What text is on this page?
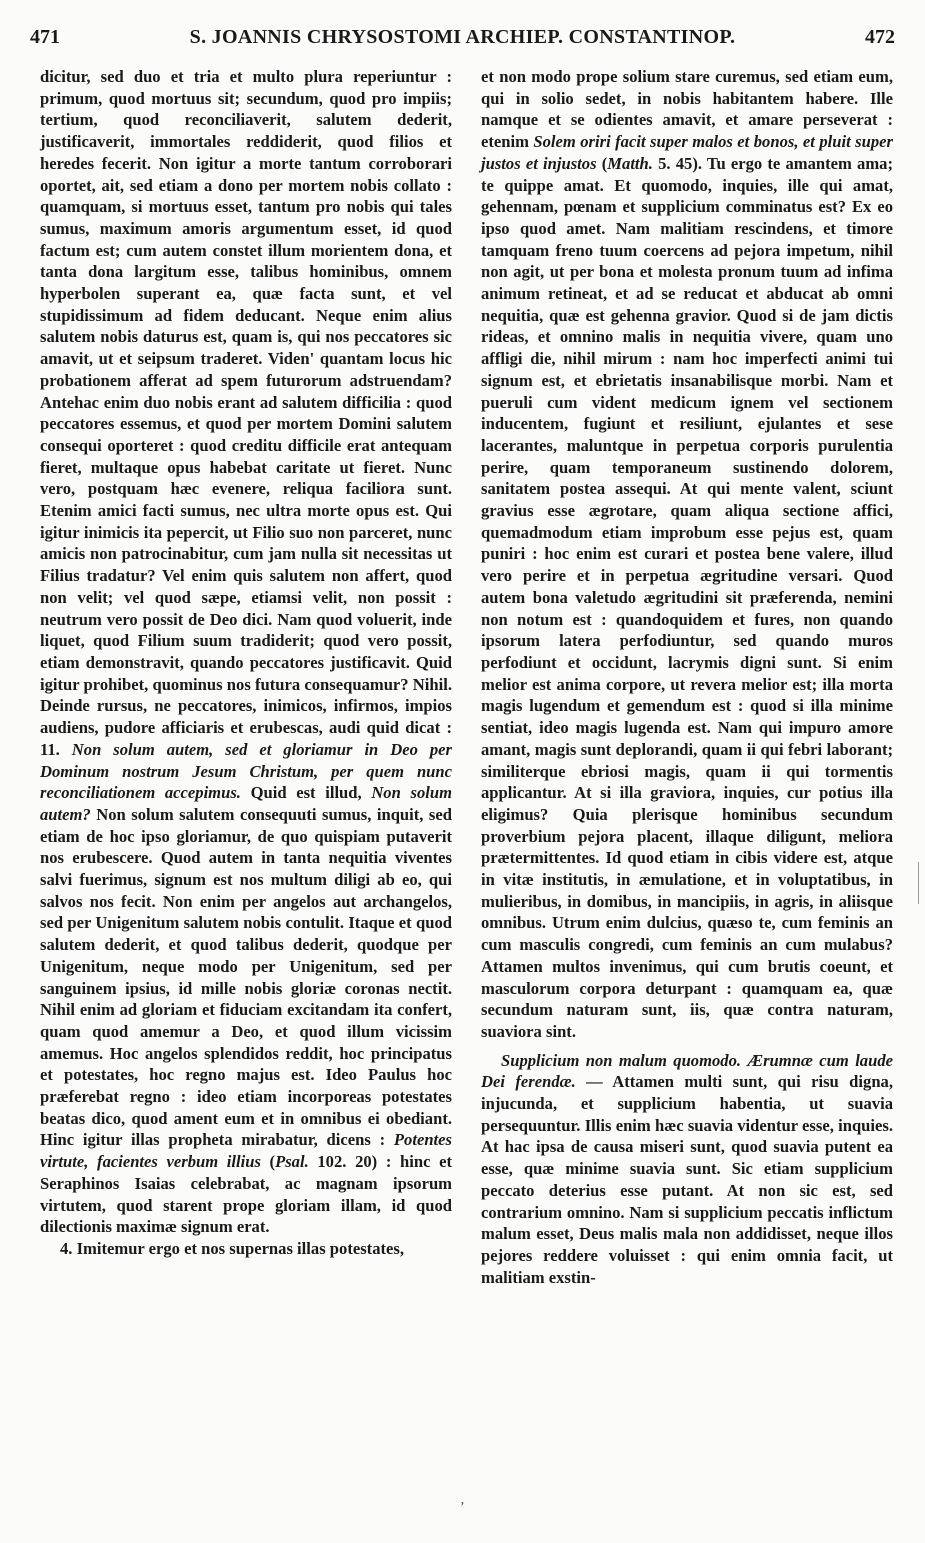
471	S. JOANNIS CHRYSOSTOMI ARCHIEP. CONSTANTINOP.	472

dicitur, sed duo et tria et multo plura reperiuntur : primum, quod mortuus sit; secundum, quod pro impiis; tertium, quod reconciliaverit, salutem dederit, justificaverit, immortales reddiderit, quod filios et heredes fecerit. Non igitur a morte tantum corroborari oportet, ait, sed etiam a dono per mortem nobis collato : quamquam, si mortuus esset, tantum pro nobis qui tales sumus, maximum amoris argumentum esset, id quod factum est; cum autem constet illum morientem dona, et tanta dona largitum esse, talibus hominibus, omnem hyperbolen superant ea, quæ facta sunt, et vel stupidissimum ad fidem deducant. Neque enim alius salutem nobis daturus est, quam is, qui nos peccatores sic amavit, ut et seipsum traderet. Viden' quantam locus hic probationem afferat ad spem futurorum adstruendam? Antehac enim duo nobis erant ad salutem difficilia : quod peccatores essemus, et quod per mortem Domini salutem consequi oporteret : quod creditu difficile erat antequam fieret, multaque opus habebat caritate ut fieret. Nunc vero, postquam hæc evenere, reliqua faciliora sunt. Etenim amici facti sumus, nec ultra morte opus est. Qui igitur inimicis ita pepercit, ut Filio suo non parceret, nunc amicis non patrocinabitur, cum jam nulla sit necessitas ut Filius tradatur? Vel enim quis salutem non affert, quod non velit; vel quod sæpe, etiamsi velit, non possit : neutrum vero possit de Deo dici. Nam quod voluerit, inde liquet, quod Filium suum tradiderit; quod vero possit, etiam demonstravit, quando peccatores justificavit. Quid igitur prohibet, quominus nos futura consequamur? Nihil. Deinde rursus, ne peccatores, inimicos, infirmos, impios audiens, pudore afficiaris et erubescas, audi quid dicat : 11. Non solum autem, sed et gloriamur in Deo per Dominum nostrum Jesum Christum, per quem nunc reconciliationem accepimus. Quid est illud, Non solum autem? Non solum salutem consequuti sumus, inquit, sed etiam de hoc ipso gloriamur, de quo quispiam putaverit nos erubescere. Quod autem in tanta nequitia viventes salvi fuerimus, signum est nos multum diligi ab eo, qui salvos nos fecit. Non enim per angelos aut archangelos, sed per Unigenitum salutem nobis contulit. Itaque et quod salutem dederit, et quod talibus dederit, quodque per Unigenitum, neque modo per Unigenitum, sed per sanguinem ipsius, id mille nobis gloriæ coronas nectit. Nihil enim ad gloriam et fiduciam excitandam ita confert, quam quod amemur a Deo, et quod illum vicissim amemus. Hoc angelos splendidos reddit, hoc principatus et potestates, hoc regno majus est. Ideo Paulus hoc præferebat regno : ideo etiam incorporeas potestates beatas dico, quod ament eum et in omnibus ei obediant. Hinc igitur illas propheta mirabatur, dicens : Potentes virtute, facientes verbum illius (Psal. 102. 20) : hinc et Seraphinos Isaias celebrabat, ac magnam ipsorum virtutem, quod starent prope gloriam illam, id quod dilectionis maximæ signum erat.

4. Imitemur ergo et nos supernas illas potestates,

et non modo prope solium stare curemus, sed etiam eum, qui in solio sedet, in nobis habitantem habere. Ille namque et se odientes amavit, et amare perseverat : etenim Solem oriri facit super malos et bonos, et pluit super justos et injustos (Matth. 5. 45). Tu ergo te amantem ama; te quippe amat. Et quomodo, inquies, ille qui amat, gehennam, pœnam et supplicium comminatus est? Ex eo ipso quod amet. Nam malitiam rescindens, et timore tamquam freno tuum coercens ad pejora impetum, nihil non agit, ut per bona et molesta pronum tuum ad infima animum retineat, et ad se reducat et abducat ab omni nequitia, quæ est gehenna gravior. Quod si de jam dictis rideas, et omnino malis in nequitia vivere, quam uno affligi die, nihil mirum : nam hoc imperfecti animi tui signum est, et ebrietatis insanabilisque morbi. Nam et pueruli cum vident medicum ignem vel sectionem inducentem, fugiunt et resiliunt, ejulantes et sese lacerantes, maluntque in perpetua corporis purulentia perire, quam temporaneum sustinendo dolorem, sanitatem postea assequi. At qui mente valent, sciunt gravius esse ægrotare, quam aliqua sectione affici, quemadmodum etiam improbum esse pejus est, quam puniri : hoc enim est curari et postea bene valere, illud vero perire et in perpetua ægritudine versari. Quod autem bona valetudo ægritudini sit præferenda, nemini non notum est : quandoquidem et fures, non quando ipsorum latera perfodiuntur, sed quando muros perfodiunt et occidunt, lacrymis digni sunt. Si enim melior est anima corpore, ut revera melior est; illa morta magis lugendum et gemendum est : quod si illa minime sentiat, ideo magis lugenda est. Nam qui impuro amore amant, magis sunt deplorandi, quam ii qui febri laborant; similiterque ebriosi magis, quam ii qui tormentis applicantur. At si illa graviora, inquies, cur potius illa eligimus? Quia plerisque hominibus secundum proverbium pejora placent, illaque diligunt, meliora prætermittentes. Id quod etiam in cibis videre est, atque in vitæ institutis, in æmulatione, et in voluptatibus, in mulieribus, in domibus, in mancipiis, in agris, in aliisque omnibus. Utrum enim dulcius, quæso te, cum feminis an cum masculis congredi, cum feminis an cum mulabus? Attamen multos invenimus, qui cum brutis coeunt, et masculorum corpora deturpant : quamquam ea, quæ secundum naturam sunt, iis, quæ contra naturam, suaviora sint.

Supplicium non malum quomodo. Ærumnæ cum laude Dei ferendæ. — Attamen multi sunt, qui risu digna, injucunda, et supplicium habentia, ut suavia persequuntur. Illis enim hæc suavia videntur esse, inquies. At hac ipsa de causa miseri sunt, quod suavia putent ea esse, quæ minime suavia sunt. Sic etiam supplicium peccato deterius esse putant. At non sic est, sed contrarium omnino. Nam si supplicium peccatis inflictum malum esset, Deus malis mala non addidisset, neque illos pejores reddere voluisset : qui enim omnia facit, ut malitiam exstin-

ʼ
